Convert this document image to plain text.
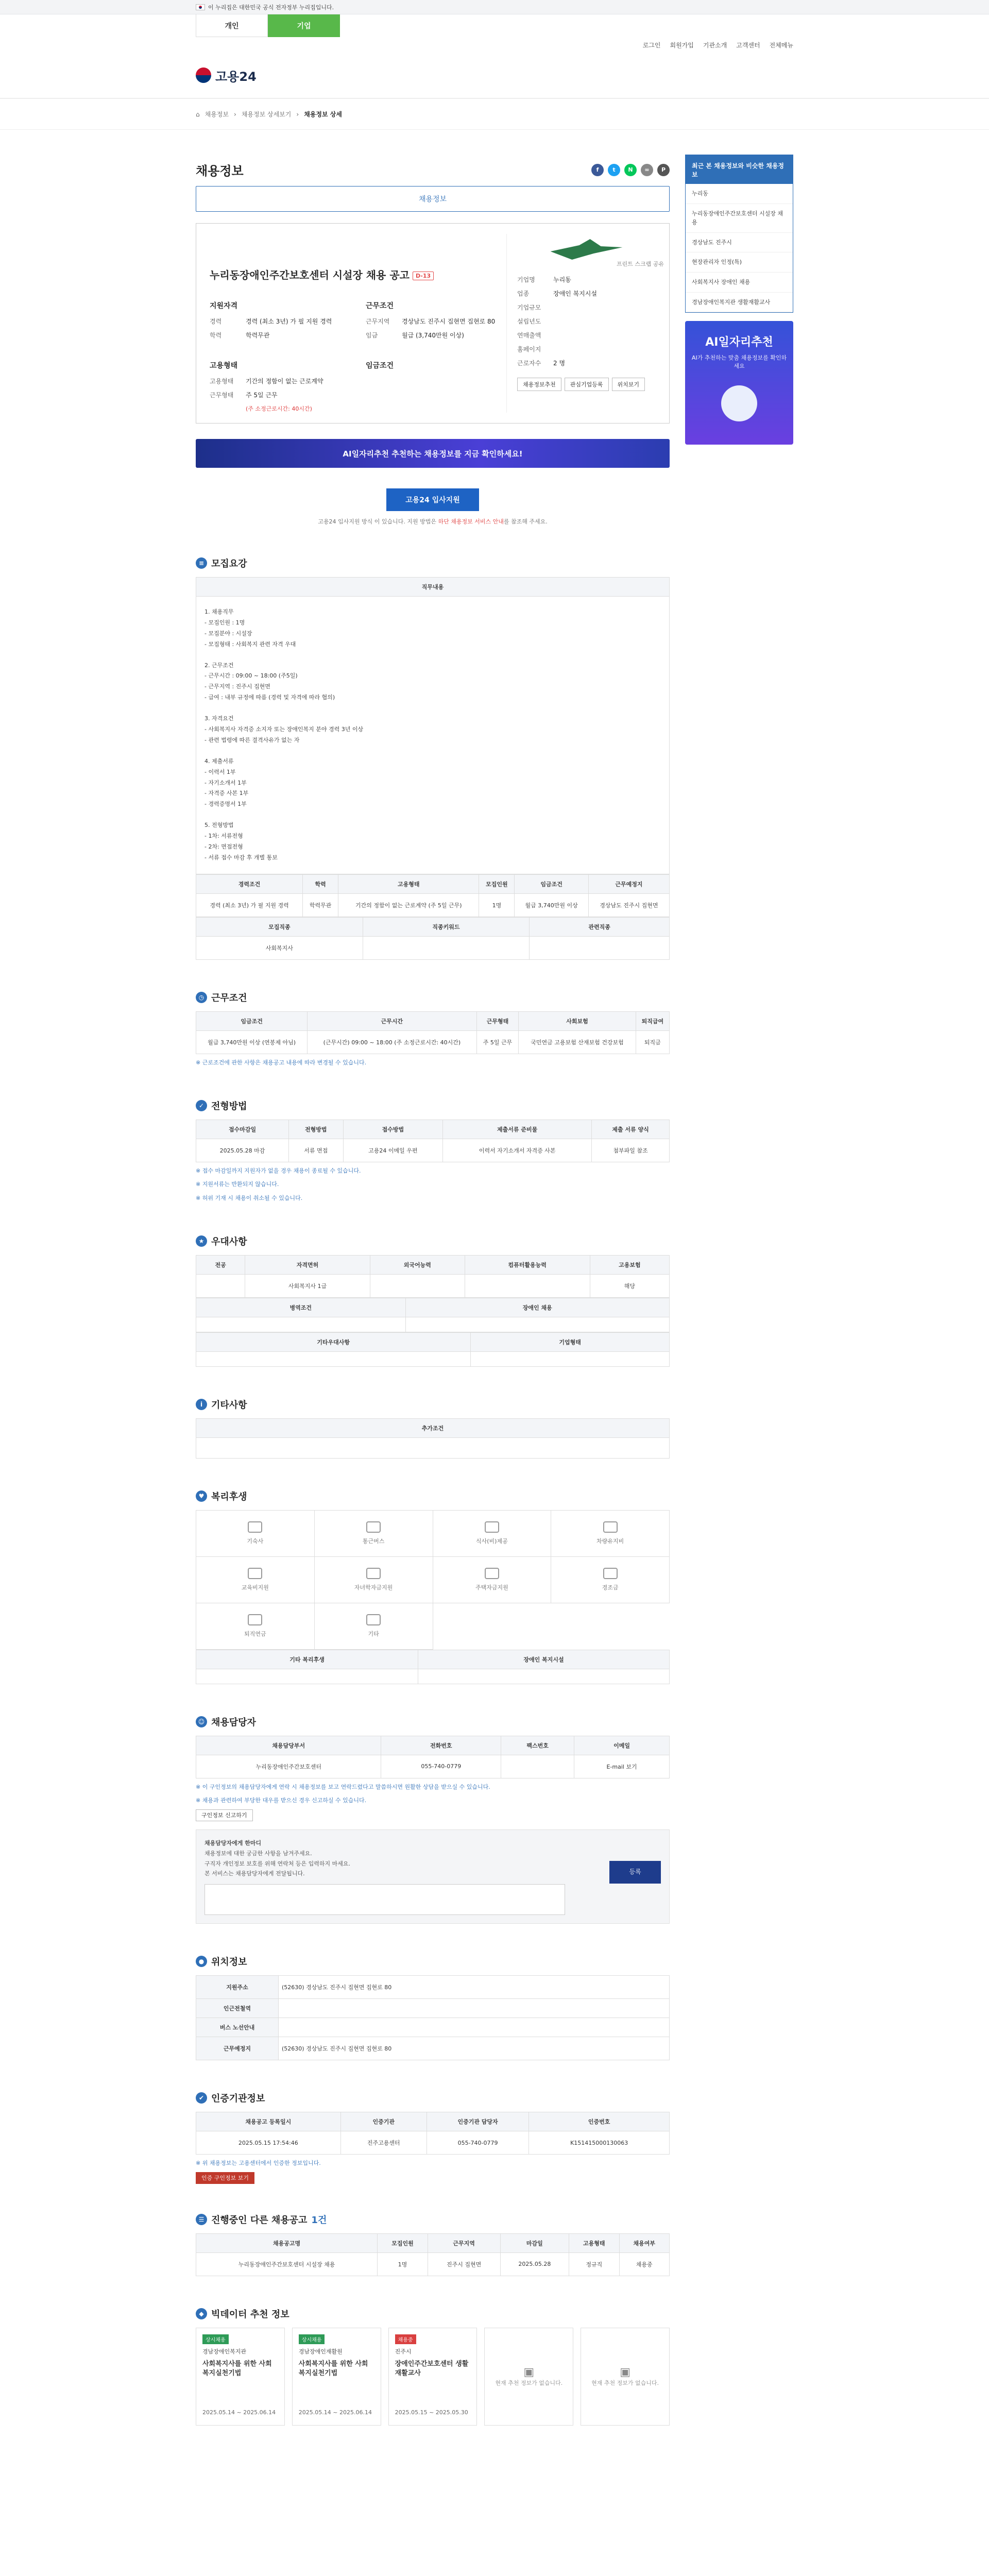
이 누리집은 대한민국 공식 전자정부 누리집입니다.
개인	기업
로그인 회원가입 기관소개 고객센터 전체메뉴
고용24
⌂ 채용정보 › 채용정보 상세보기 › 채용정보 상세
채용정보	f	t	N	∞	P
채용정보
프린트 스크랩 공유
누리동장애인주간보호센터 시설장 채용 공고 D-13
지원자격
경력	경력 (최소 3년) 가 필 지원 경력
학력	학력무관
고용형태
고용형태	기간의 정함이 없는 근로계약
근무형태	주 5일 근무
(주 소정근로시간: 40시간)
근무조건
근무지역	경상남도 진주시 집현면 집현로 80
임금	월급 (3,740만원 이상)
임금조건
기업명	누리동
업종	장애인 복지시설
기업규모
설립년도
연매출액
홈페이지
근로자수	2 명
채용정보추천	관심기업등록	위치보기
AI일자리추천 추천하는 채용정보를 지금 확인하세요!
고용24 입사지원
고용24 입사지원 방식 이 있습니다. 지원 방법은 하단 채용정보 서비스 안내를 참조해 주세요.
≡ 모집요강
직무내용
1. 채용직무
- 모집인원 : 1명
- 모집분야 : 시설장
- 모집형태 : 사회복지 관련 자격 우대
2. 근무조건
- 근무시간 : 09:00 ~ 18:00 (주5일)
- 근무지역 : 진주시 집현면
- 급여 : 내부 규정에 따름 (경력 및 자격에 따라 협의)
3. 자격요건
- 사회복지사 자격증 소지자 또는 장애인복지 분야 경력 3년 이상
- 관련 법령에 따른 결격사유가 없는 자
4. 제출서류
- 이력서 1부
- 자기소개서 1부
- 자격증 사본 1부
- 경력증명서 1부
5. 전형방법
- 1차: 서류전형
- 2차: 면접전형
- 서류 접수 마감 후 개별 통보
경력조건	학력	고용형태	모집인원	임금조건	근무예정지
경력 (최소 3년) 가 필 지원 경력	학력무관	기간의 정함이 없는 근로계약 (주 5일 근무)	1명	월급 3,740만원 이상	경상남도 진주시 집현면
모집직종	직종키워드	관련직종
사회복지사		
◷ 근무조건
임금조건	근무시간	근무형태	사회보험	퇴직급여
월급 3,740만원 이상 (연봉제 아님)	(근무시간) 09:00 ~ 18:00 (주 소정근로시간: 40시간)	주 5일 근무	국민연금 고용보험 산재보험 건강보험	퇴직금
※ 근로조건에 관한 사항은 채용공고 내용에 따라 변경될 수 있습니다.
✓ 전형방법
접수마감일	전형방법	접수방법	제출서류 준비물	제출 서류 양식
2025.05.28 마감	서류 면접	고용24 이메일 우편	이력서 자기소개서 자격증 사본	첨부파일 참조
※ 접수 마감일까지 지원자가 없을 경우 채용이 종료될 수 있습니다.
※ 지원서류는 반환되지 않습니다.
※ 허위 기재 시 채용이 취소될 수 있습니다.
★ 우대사항
전공	자격면허	외국어능력	컴퓨터활용능력	고용보험
	사회복지사 1급			해당
병역조건	장애인 채용

기타우대사항	기업형태

i 기타사항
추가조건

♥ 복리후생
기숙사	통근버스	식사(비)제공	차량유지비
교육비지원	자녀학자금지원	주택자금지원	경조금
퇴직연금	기타
기타 복리후생	장애인 복지시설

☺ 채용담당자
채용담당부서	전화번호	팩스번호	이메일
누리동장애인주간보호센터	055-740-0779		E-mail 보기
※ 이 구인정보의 채용담당자에게 연락 시 채용정보를 보고 연락드렸다고 말씀하시면 원활한 상담을 받으실 수 있습니다.
※ 채용과 관련하여 부당한 대우를 받으신 경우 신고하실 수 있습니다.
구인정보 신고하기
채용담당자에게 한마디
채용정보에 대한 궁금한 사항을 남겨주세요.
구직자 개인정보 보호를 위해 연락처 등은 입력하지 마세요.
본 서비스는 채용담당자에게 전달됩니다.	등록
● 위치정보
지원주소	(52630) 경상남도 진주시 집현면 집현로 80
인근전철역	
버스 노선안내	
근무예정지	(52630) 경상남도 진주시 집현면 집현로 80
✔ 인증기관정보
채용공고 등록일시	인증기관	인증기관 담당자	인증번호
2025.05.15 17:54:46	진주고용센터	055-740-0779	K151415000130063
※ 위 채용정보는 고용센터에서 인증한 정보입니다.
인증 구인정보 보기
☰ 진행중인 다른 채용공고 1건
채용공고명	모집인원	근무지역	마감일	고용형태	채용여부
누리동장애인주간보호센터 시설장 채용	1명	진주시 집현면	2025.05.28	정규직	채용중
◆ 빅데이터 추천 정보
상시채용
경남장애인복지관
사회복지사를 위한 사회복지실천기법
2025.05.14 ~ 2025.06.14
상시채용
경남장애인재활원
사회복지사를 위한 사회복지실천기법
2025.05.14 ~ 2025.06.14
채용중
진주시
장애인주간보호센터 생활재활교사
2025.05.15 ~ 2025.05.30
▣
현재 추천 정보가 없습니다.
▣
현재 추천 정보가 없습니다.
최근 본 채용정보와 비슷한 채용정보
누리동
누리동장애인주간보호센터 시설장 채용
경상남도 진주시
현장관리자 인정(특)
사회복지사 장애인 채용
경남장애인복지관 생활재활교사
AI일자리추천
AI가 추천하는 맞춤 채용정보를 확인하세요
